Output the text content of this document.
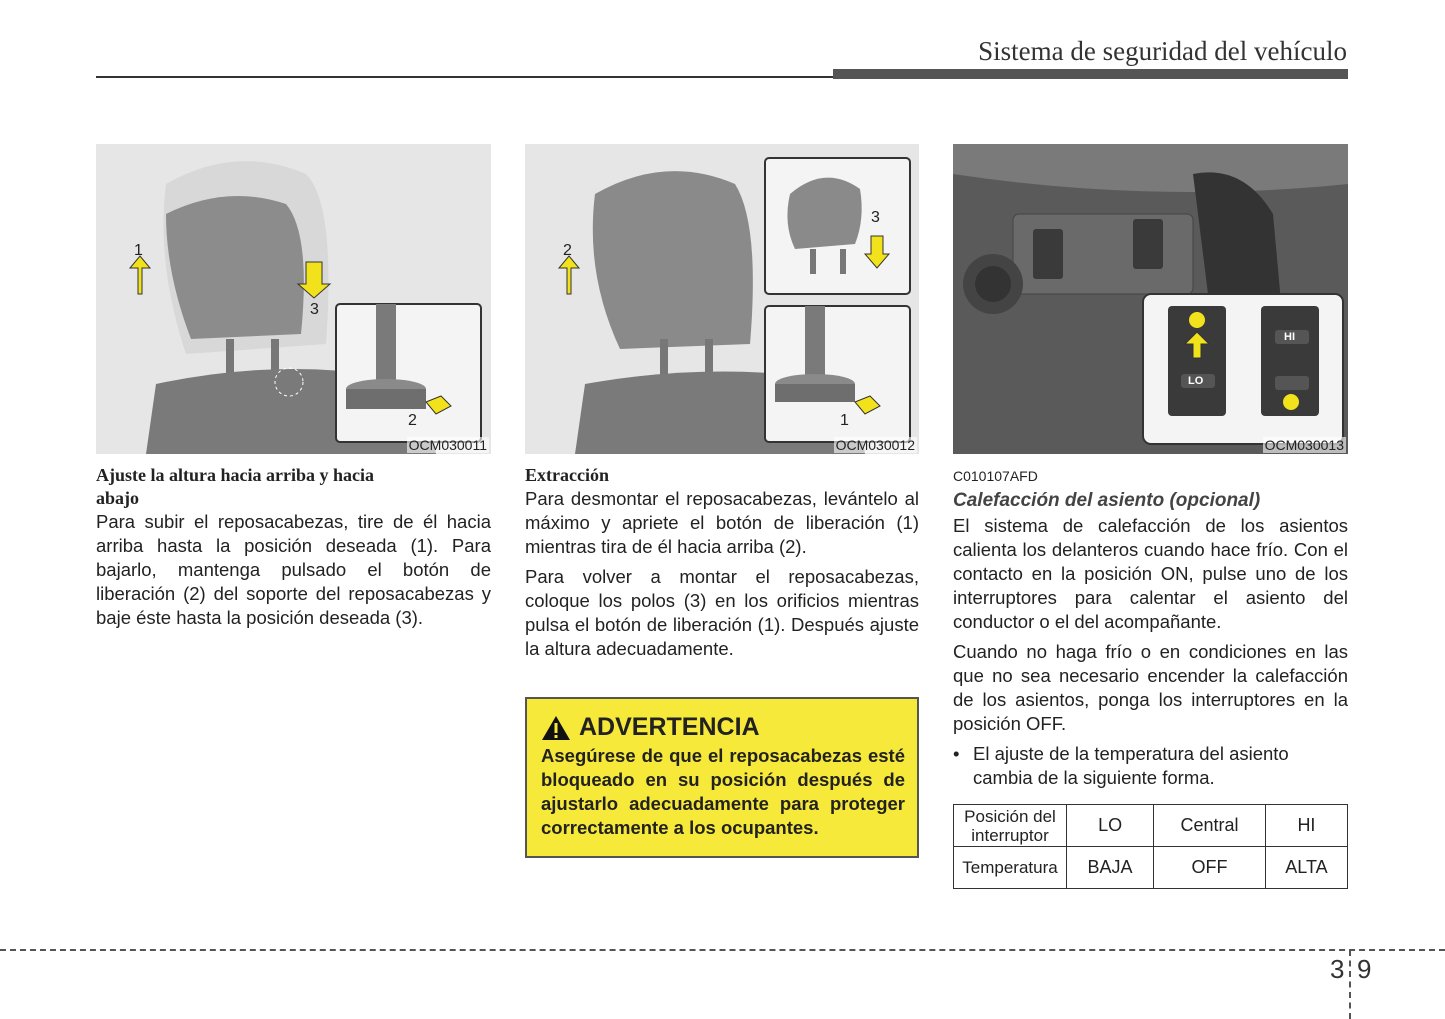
Sistema de seguridad del vehículo
1
2
3
OCM030011
Ajuste la altura hacia arriba y hacia
abajo

Para subir el reposacabezas, tire de él hacia arriba hasta la posición deseada (1). Para bajarlo, mantenga pulsado el botón de liberación (2) del soporte del reposacabezas y baje éste hasta la posición deseada (3).

1
2
3
OCM030012
Extracción

Para desmontar el reposacabezas, levántelo al máximo y apriete el botón de liberación (1) mientras tira de él hacia arriba (2).

Para volver a montar el reposacabezas, coloque los polos (3) en los orificios mientras pulsa el botón de liberación (1). Después ajuste la altura adecuadamente.

ADVERTENCIA
Asegúrese de que el reposacabezas esté bloqueado en su posición después de ajustarlo adecuadamente para proteger correctamente a los ocupantes.
HI
LO
OCM030013
C010107AFD
Calefacción del asiento (opcional)

El sistema de calefacción de los asientos calienta los delanteros cuando hace frío. Con el contacto en la posición ON, pulse uno de los interruptores para calentar el asiento del conductor o el del acompañante.

Cuando no haga frío o en condiciones en las que no sea necesario encender la calefacción de los asientos, ponga los interruptores en la posición OFF.

• El ajuste de la temperatura del asiento cambia de la siguiente forma.
Posición del interruptor	LO	Central	HI
Temperatura	BAJA	OFF	ALTA
3 9
